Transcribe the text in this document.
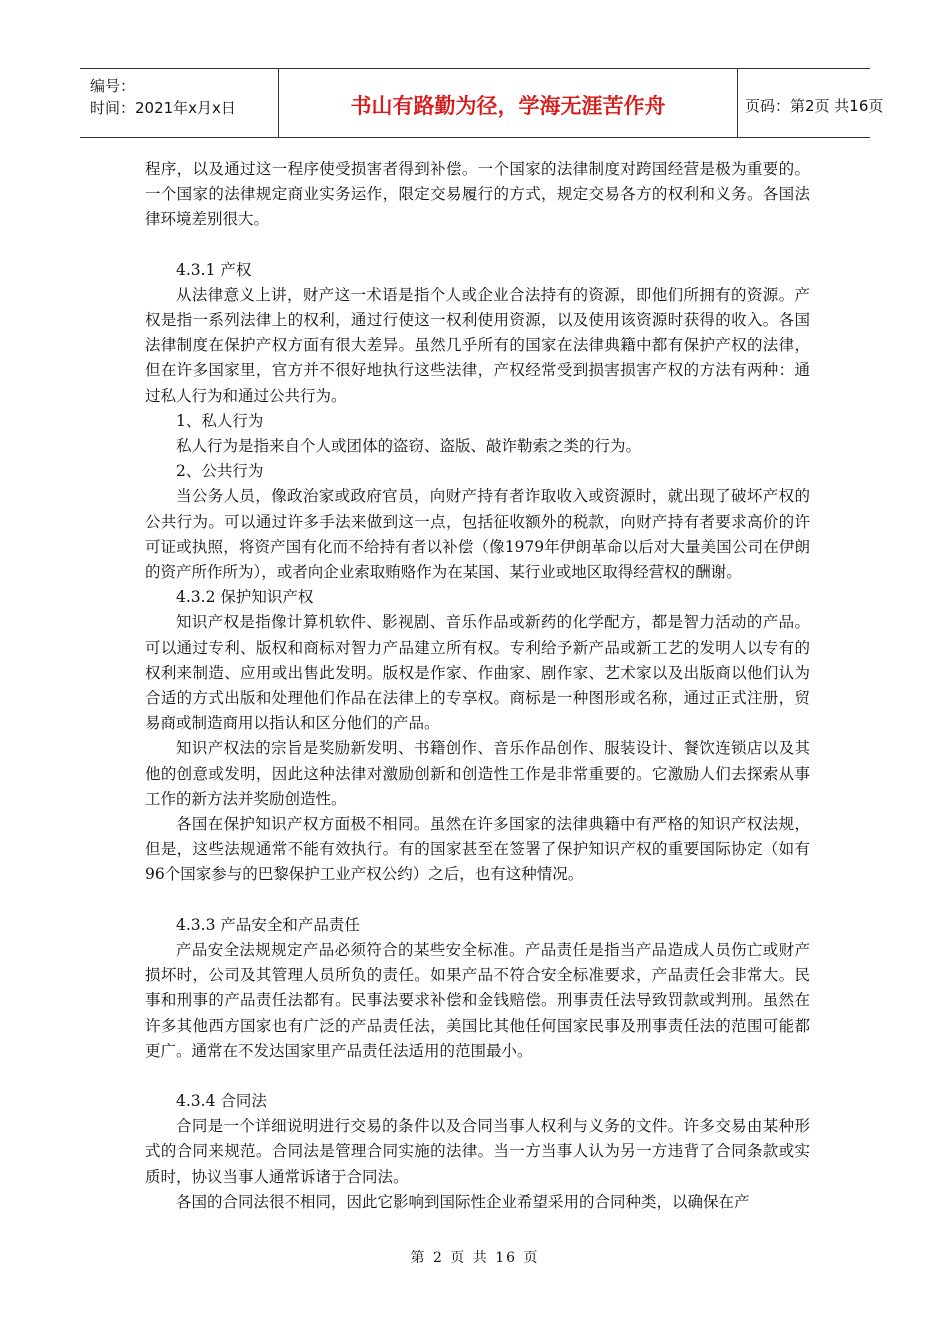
编号：
时间：2021年x月x日	书山有路勤为径，学海无涯苦作舟	页码：第2页 共16页

程序，以及通过这一程序使受损害者得到补偿。一个国家的法律制度对跨国经营是极为重要的。一个国家的法律规定商业实务运作，限定交易履行的方式，规定交易各方的权利和义务。各国法律环境差别很大。

4.3.1 产权

从法律意义上讲，财产这一术语是指个人或企业合法持有的资源，即他们所拥有的资源。产权是指一系列法律上的权利，通过行使这一权利使用资源，以及使用该资源时获得的收入。各国法律制度在保护产权方面有很大差异。虽然几乎所有的国家在法律典籍中都有保护产权的法律，但在许多国家里，官方并不很好地执行这些法律，产权经常受到损害损害产权的方法有两种：通过私人行为和通过公共行为。

1、私人行为

私人行为是指来自个人或团体的盗窃、盗版、敲诈勒索之类的行为。

2、公共行为

当公务人员，像政治家或政府官员，向财产持有者诈取收入或资源时，就出现了破坏产权的公共行为。可以通过许多手法来做到这一点，包括征收额外的税款，向财产持有者要求高价的许可证或执照，将资产国有化而不给持有者以补偿（像1979年伊朗革命以后对大量美国公司在伊朗的资产所作所为），或者向企业索取贿赂作为在某国、某行业或地区取得经营权的酬谢。

4.3.2 保护知识产权

知识产权是指像计算机软件、影视剧、音乐作品或新药的化学配方，都是智力活动的产品。可以通过专利、版权和商标对智力产品建立所有权。专利给予新产品或新工艺的发明人以专有的权利来制造、应用或出售此发明。版权是作家、作曲家、剧作家、艺术家以及出版商以他们认为合适的方式出版和处理他们作品在法律上的专享权。商标是一种图形或名称，通过正式注册，贸易商或制造商用以指认和区分他们的产品。

知识产权法的宗旨是奖励新发明、书籍创作、音乐作品创作、服装设计、餐饮连锁店以及其他的创意或发明，因此这种法律对激励创新和创造性工作是非常重要的。它激励人们去探索从事工作的新方法并奖励创造性。

各国在保护知识产权方面极不相同。虽然在许多国家的法律典籍中有严格的知识产权法规，但是，这些法规通常不能有效执行。有的国家甚至在签署了保护知识产权的重要国际协定（如有96个国家参与的巴黎保护工业产权公约）之后，也有这种情况。

4.3.3 产品安全和产品责任

产品安全法规规定产品必须符合的某些安全标准。产品责任是指当产品造成人员伤亡或财产损坏时，公司及其管理人员所负的责任。如果产品不符合安全标准要求，产品责任会非常大。民事和刑事的产品责任法都有。民事法要求补偿和金钱赔偿。刑事责任法导致罚款或判刑。虽然在许多其他西方国家也有广泛的产品责任法，美国比其他任何国家民事及刑事责任法的范围可能都更广。通常在不发达国家里产品责任法适用的范围最小。

4.3.4 合同法

合同是一个详细说明进行交易的条件以及合同当事人权利与义务的文件。许多交易由某种形式的合同来规范。合同法是管理合同实施的法律。当一方当事人认为另一方违背了合同条款或实质时，协议当事人通常诉诸于合同法。

各国的合同法很不相同，因此它影响到国际性企业希望采用的合同种类，以确保在产

第 2 页 共 16 页
